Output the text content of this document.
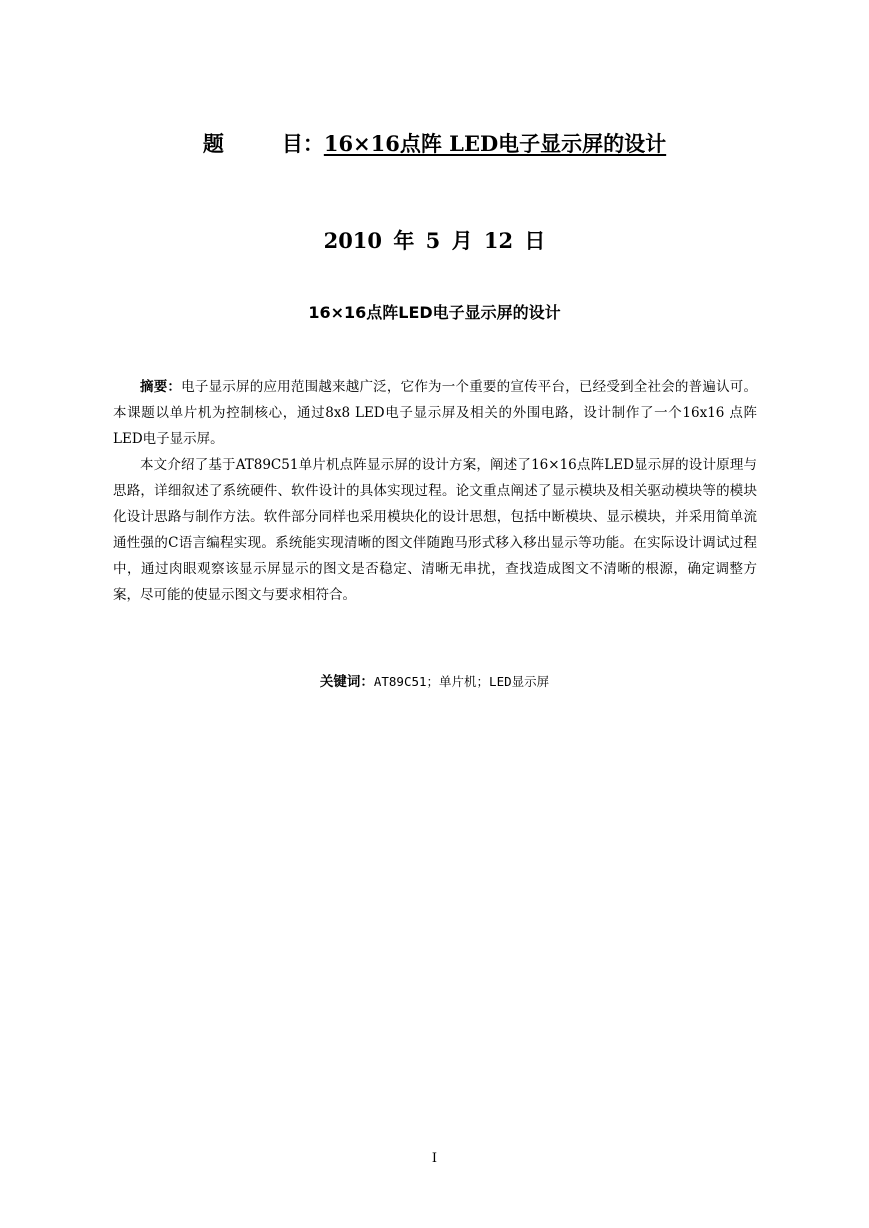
题	目：16×16点阵 LED电子显示屏的设计
2010 年 5 月 12 日
16×16点阵LED电子显示屏的设计

摘要：电子显示屏的应用范围越来越广泛，它作为一个重要的宣传平台，已经受到全社会的普遍认可。本课题以单片机为控制核心，通过8x8 LED电子显示屏及相关的外围电路，设计制作了一个16x16 点阵LED电子显示屏。

本文介绍了基于AT89C51单片机点阵显示屏的设计方案，阐述了16×16点阵LED显示屏的设计原理与思路，详细叙述了系统硬件、软件设计的具体实现过程。论文重点阐述了显示模块及相关驱动模块等的模块化设计思路与制作方法。软件部分同样也采用模块化的设计思想，包括中断模块、显示模块，并采用简单流通性强的C语言编程实现。系统能实现清晰的图文伴随跑马形式移入移出显示等功能。在实际设计调试过程中，通过肉眼观察该显示屏显示的图文是否稳定、清晰无串扰，查找造成图文不清晰的根源，确定调整方案，尽可能的使显示图文与要求相符合。

关键词：AT89C51；单片机；LED显示屏
I
